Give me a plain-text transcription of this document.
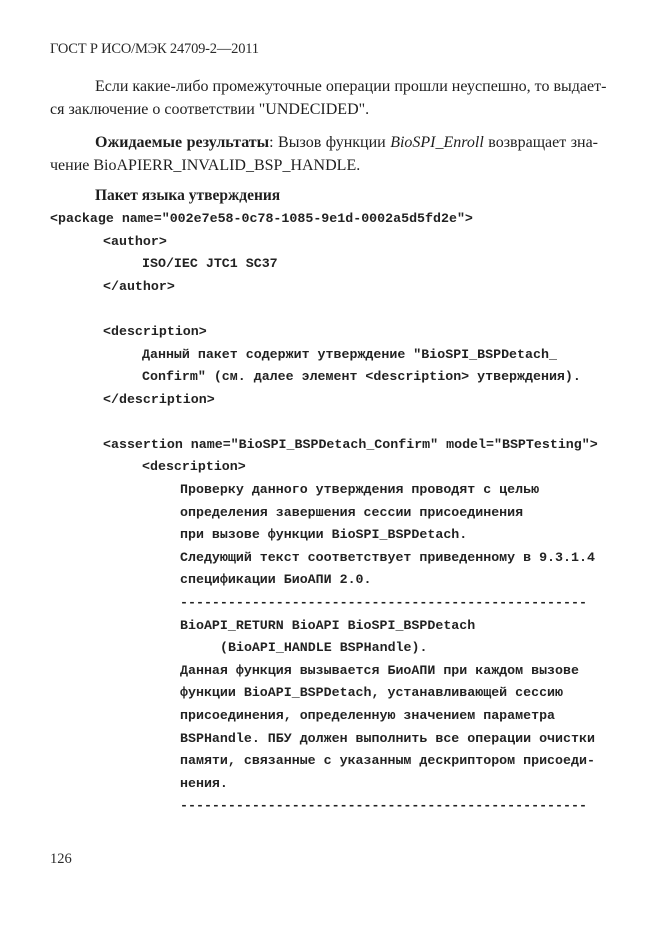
ГОСТ Р ИСО/МЭК 24709-2—2011
Если какие-либо промежуточные операции прошли неуспешно, то выдает-
ся заключение о соответствии "UNDECIDED".
Ожидаемые результаты: Вызов функции BioSPI_Enroll возвращает зна-
чение BioAPIERR_INVALID_BSP_HANDLE.
Пакет языка утверждения
<package name="002e7e58-0c78-1085-9e1d-0002a5d5fd2e">
<author>
ISO/IEC JTC1 SC37
</author>
<description>
Данный пакет содержит утверждение "BioSPI_BSPDetach_
Confirm" (см. далее элемент <description> утверждения).
</description>
<assertion name="BioSPI_BSPDetach_Confirm" model="BSPTesting">
<description>
Проверку данного утверждения проводят с целью
определения завершения сессии присоединения
при вызове функции BioSPI_BSPDetach.
Следующий текст соответствует приведенному в 9.3.1.4
спецификации БиоАПИ 2.0.
---------------------------------------------------
BioAPI_RETURN BioAPI BioSPI_BSPDetach
(BioAPI_HANDLE BSPHandle).
Данная функция вызывается БиоАПИ при каждом вызове
функции BioAPI_BSPDetach, устанавливающей сессию
присоединения, определенную значением параметра
BSPHandle. ПБУ должен выполнить все операции очистки
памяти, связанные с указанным дескриптором присоеди-
нения.
---------------------------------------------------
126
